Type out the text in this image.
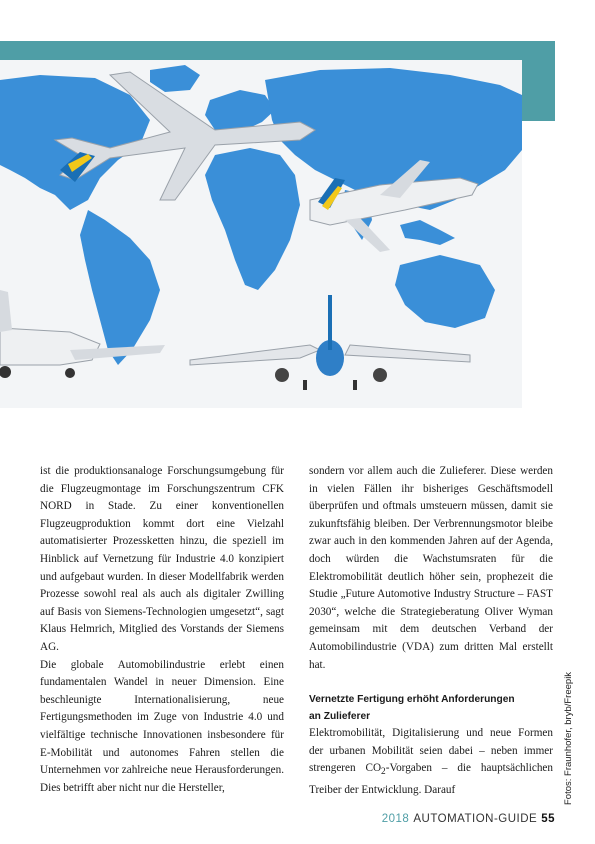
ist die produktionsanaloge Forschungsumgebung für die Flugzeugmontage im Forschungszentrum CFK NORD in Stade. Zu einer konventionellen Flugzeugproduktion kommt dort eine Vielzahl automatisierter Prozessketten hinzu, die speziell im Hinblick auf Vernetzung für Industrie 4.0 konzipiert und aufgebaut wurden. In dieser Modellfabrik werden Prozesse sowohl real als auch als digitaler Zwilling auf Basis von Siemens-Technologien umgesetzt“, sagt Klaus Helmrich, Mitglied des Vorstands der Siemens AG.

Die globale Automobilindustrie erlebt einen fundamentalen Wandel in neuer Dimension. Eine beschleunigte Internationalisierung, neue Fertigungsmethoden im Zuge von Industrie 4.0 und vielfältige technische Innovationen insbesondere für E-Mobilität und autonomes Fahren stellen die Unternehmen vor zahlreiche neue Herausforderungen. Dies betrifft aber nicht nur die Hersteller,

sondern vor allem auch die Zulieferer. Diese werden in vielen Fällen ihr bisheriges Geschäftsmodell überprüfen und oftmals umsteuern müssen, damit sie zukunftsfähig bleiben. Der Verbrennungsmotor bleibe zwar auch in den kommenden Jahren auf der Agenda, doch würden die Wachstumsraten für die Elektromobilität deutlich höher sein, prophezeit die Studie „Future Automotive Industry Structure – FAST 2030“, welche die Strategieberatung Oliver Wyman gemeinsam mit dem deutschen Verband der Automobilindustrie (VDA) zum dritten Mal erstellt hat.

Vernetzte Fertigung erhöht Anforderungen
an Zulieferer

Elektromobilität, Digitalisierung und neue Formen der urbanen Mobilität seien dabei – neben immer strengeren $CO_2$-Vorgaben – die hauptsächlichen Treiber der Entwicklung. Darauf	Fotos: Fraunhofer, bryb/Freepik
2018 AUTOMATION-GUIDE 55
